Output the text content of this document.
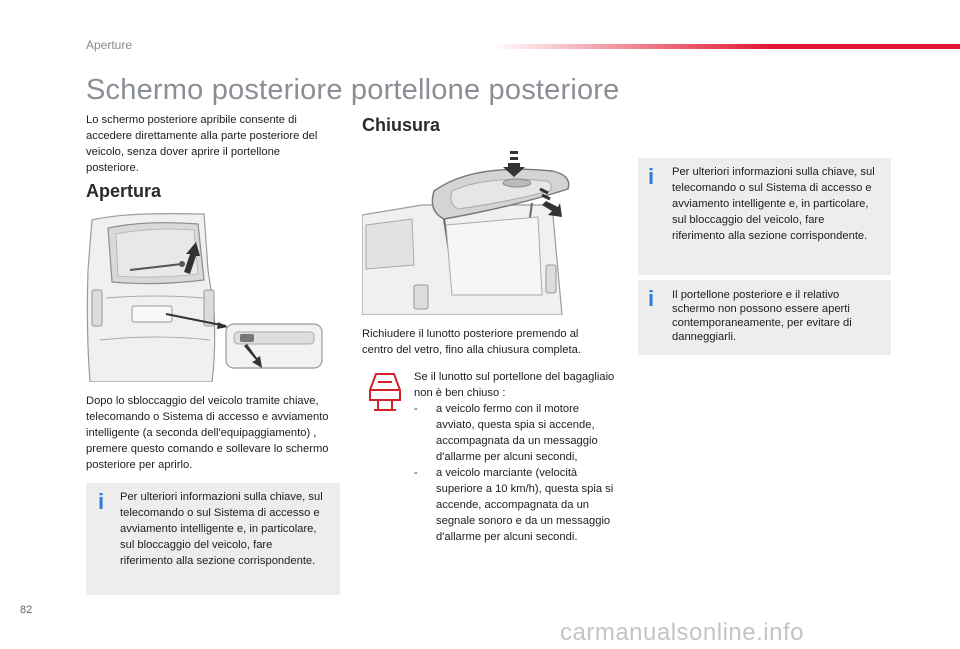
Aperture
Schermo posteriore portellone posteriore
Lo schermo posteriore apribile consente di accedere direttamente alla parte posteriore del veicolo, senza dover aprire il portellone posteriore.
Apertura
Dopo lo sbloccaggio del veicolo tramite chiave, telecomando o Sistema di accesso e avviamento intelligente (a seconda dell'equipaggiamento) , premere questo comando e sollevare lo schermo posteriore per aprirlo.
i Per ulteriori informazioni sulla chiave, sul telecomando o sul Sistema di accesso e avviamento intelligente e, in particolare, sul bloccaggio del veicolo, fare riferimento alla sezione corrispondente.
Chiusura
Richiudere il lunotto posteriore premendo al centro del vetro, fino alla chiusura completa.
Se il lunotto sul portellone del bagagliaio non è ben chiuso :
- a veicolo fermo con il motore avviato, questa spia si accende, accompagnata da un messaggio d'allarme per alcuni secondi,
- a veicolo marciante (velocità superiore a 10 km/h), questa spia si accende, accompagnata da un segnale sonoro e da un messaggio d'allarme per alcuni secondi.
i Per ulteriori informazioni sulla chiave, sul telecomando o sul Sistema di accesso e avviamento intelligente e, in particolare, sul bloccaggio del veicolo, fare riferimento alla sezione corrispondente.
i Il portellone posteriore e il relativo schermo non possono essere aperti contemporaneamente, per evitare di danneggiarli.
82
carmanualsonline.info
